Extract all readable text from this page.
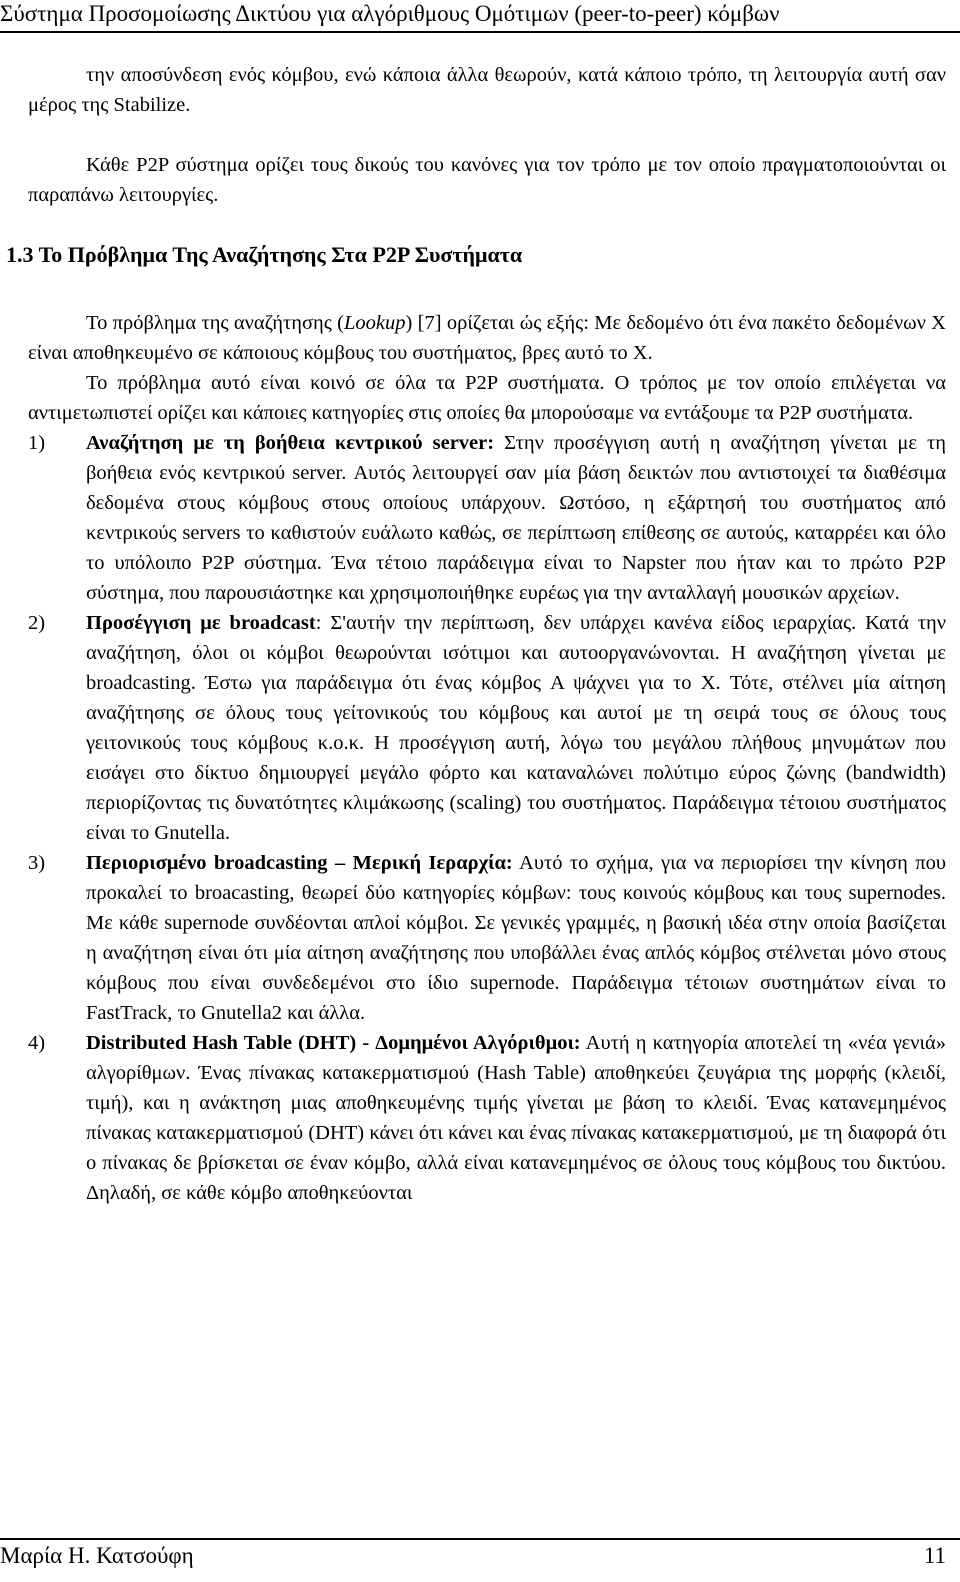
Σύστημα Προσομοίωσης Δικτύου για αλγόριθμους Ομότιμων (peer-to-peer) κόμβων

την αποσύνδεση ενός κόμβου, ενώ κάποια άλλα θεωρούν, κατά κάποιο τρόπο, τη λειτουργία αυτή σαν μέρος της Stabilize.

Κάθε P2P σύστημα ορίζει τους δικούς του κανόνες για τον τρόπο με τον οποίο πραγματοποιούνται οι παραπάνω λειτουργίες.

1.3 Το Πρόβλημα Της Αναζήτησης Στα P2P Συστήματα

Το πρόβλημα της αναζήτησης (Lookup) [7] ορίζεται ώς εξής: Με δεδομένο ότι ένα πακέτο δεδομένων X είναι αποθηκευμένο σε κάποιους κόμβους του συστήματος, βρες αυτό το X.

Το πρόβλημα αυτό είναι κοινό σε όλα τα P2P συστήματα. Ο τρόπος με τον οποίο επιλέγεται να αντιμετωπιστεί ορίζει και κάποιες κατηγορίες στις οποίες θα μπορούσαμε να εντάξουμε τα P2P συστήματα.

1) Αναζήτηση με τη βοήθεια κεντρικού server: Στην προσέγγιση αυτή η αναζήτηση γίνεται με τη βοήθεια ενός κεντρικού server. Αυτός λειτουργεί σαν μία βάση δεικτών που αντιστοιχεί τα διαθέσιμα δεδομένα στους κόμβους στους οποίους υπάρχουν. Ωστόσο, η εξάρτησή του συστήματος από κεντρικούς servers το καθιστούν ευάλωτο καθώς, σε περίπτωση επίθεσης σε αυτούς, καταρρέει και όλο το υπόλοιπο P2P σύστημα. Ένα τέτοιο παράδειγμα είναι το Napster που ήταν και το πρώτο P2P σύστημα, που παρουσιάστηκε και χρησιμοποιήθηκε ευρέως για την ανταλλαγή μουσικών αρχείων.

2) Προσέγγιση με broadcast: Σ'αυτήν την περίπτωση, δεν υπάρχει κανένα είδος ιεραρχίας. Κατά την αναζήτηση, όλοι οι κόμβοι θεωρούνται ισότιμοι και αυτοοργανώνονται. Η αναζήτηση γίνεται με broadcasting. Έστω για παράδειγμα ότι ένας κόμβος A ψάχνει για το X. Τότε, στέλνει μία αίτηση αναζήτησης σε όλους τους γείτονικούς του κόμβους και αυτοί με τη σειρά τους σε όλους τους γειτονικούς τους κόμβους κ.ο.κ. Η προσέγγιση αυτή, λόγω του μεγάλου πλήθους μηνυμάτων που εισάγει στο δίκτυο δημιουργεί μεγάλο φόρτο και καταναλώνει πολύτιμο εύρος ζώνης (bandwidth) περιορίζοντας τις δυνατότητες κλιμάκωσης (scaling) του συστήματος. Παράδειγμα τέτοιου συστήματος είναι το Gnutella.

3) Περιορισμένο broadcasting – Μερική Ιεραρχία: Αυτό το σχήμα, για να περιορίσει την κίνηση που προκαλεί το broacasting, θεωρεί δύο κατηγορίες κόμβων: τους κοινούς κόμβους και τους supernodes. Με κάθε supernode συνδέονται απλοί κόμβοι. Σε γενικές γραμμές, η βασική ιδέα στην οποία βασίζεται η αναζήτηση είναι ότι μία αίτηση αναζήτησης που υποβάλλει ένας απλός κόμβος στέλνεται μόνο στους κόμβους που είναι συνδεδεμένοι στο ίδιο supernode. Παράδειγμα τέτοιων συστημάτων είναι το FastTrack, το Gnutella2 και άλλα.

4) Distributed Hash Table (DHT) - Δομημένοι Αλγόριθμοι: Αυτή η κατηγορία αποτελεί τη «νέα γενιά» αλγορίθμων. Ένας πίνακας κατακερματισμού (Hash Table) αποθηκεύει ζευγάρια της μορφής (κλειδί, τιμή), και η ανάκτηση μιας αποθηκευμένης τιμής γίνεται με βάση το κλειδί. Ένας κατανεμημένος πίνακας κατακερματισμού (DHT) κάνει ότι κάνει και ένας πίνακας κατακερματισμού, με τη διαφορά ότι ο πίνακας δε βρίσκεται σε έναν κόμβο, αλλά είναι κατανεμημένος σε όλους τους κόμβους του δικτύου. Δηλαδή, σε κάθε κόμβο αποθηκεύονται

Μαρία Η. Κατσούφη	11
